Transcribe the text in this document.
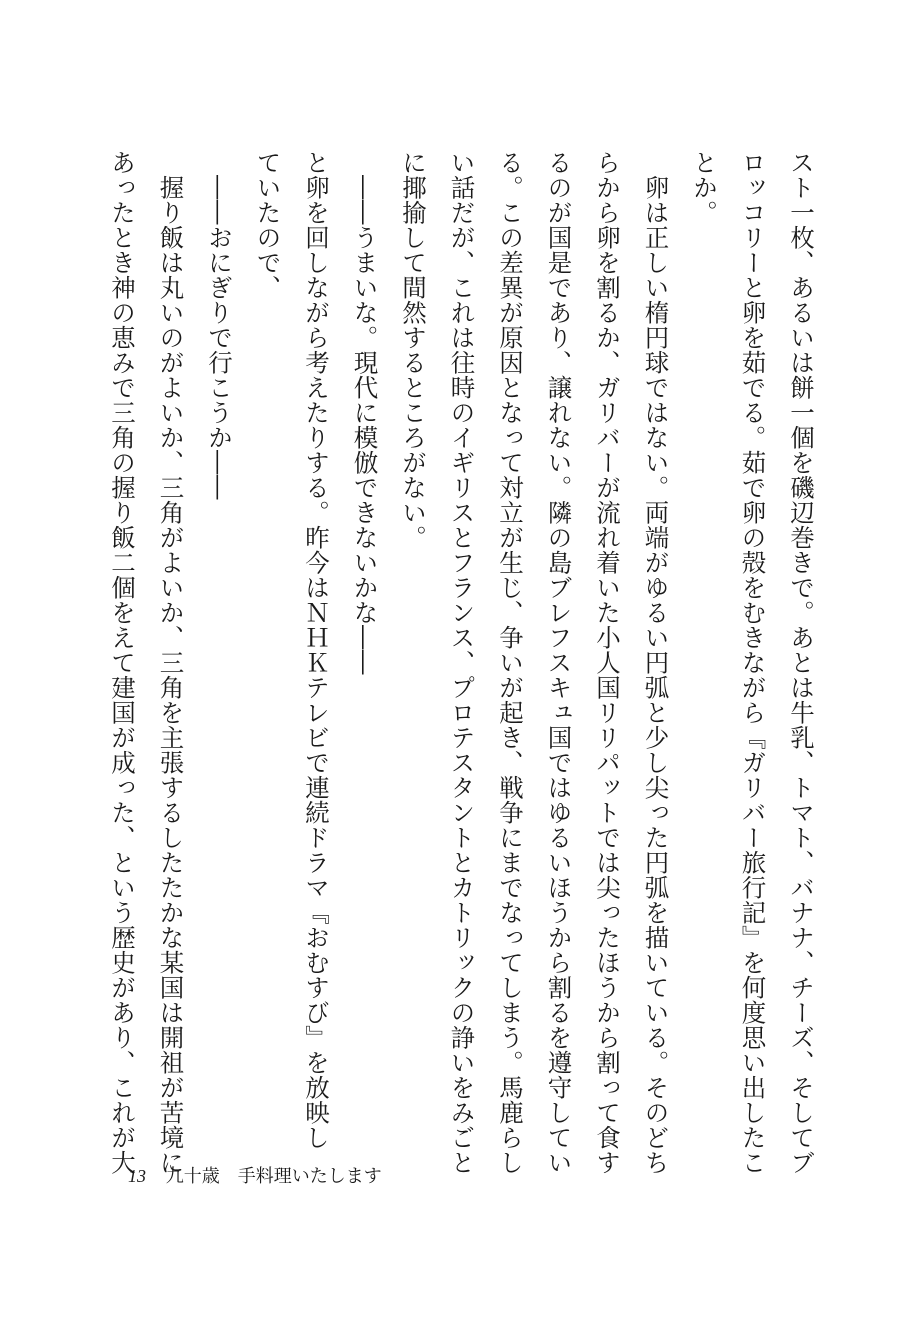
スト一枚、あるいは餅一個を磯辺巻きで。あとは牛乳、トマト、バナナ、チーズ、そしてブ

ロッコリーと卵を茹でる。茹で卵の殻をむきながら『ガリバー旅行記』を何度思い出したこ

とか。

卵は正しい楕円球ではない。両端がゆるい円弧と少し尖った円弧を描いている。そのどち

らから卵を割るか、ガリバーが流れ着いた小人国リリパットでは尖ったほうから割って食す

るのが国是であり、譲れない。隣の島ブレフスキュ国ではゆるいほうから割るを遵守してい

る。この差異が原因となって対立が生じ、争いが起き、戦争にまでなってしまう。馬鹿らし

い話だが、これは往時のイギリスとフランス、プロテスタントとカトリックの諍いをみごと

に揶揄して間然するところがない。

――うまいな。現代に模倣できないかな――

と卵を回しながら考えたりする。昨今はＮＨＫテレビで連続ドラマ『おむすび』を放映し

ていたので、

――おにぎりで行こうか――

握り飯は丸いのがよいか、三角がよいか、三角を主張するしたたかな某国は開祖が苦境に

あったとき神の恵みで三角の握り飯二個をえて建国が成った、という歴史があり、これが大

13 九十歳　手料理いたします
